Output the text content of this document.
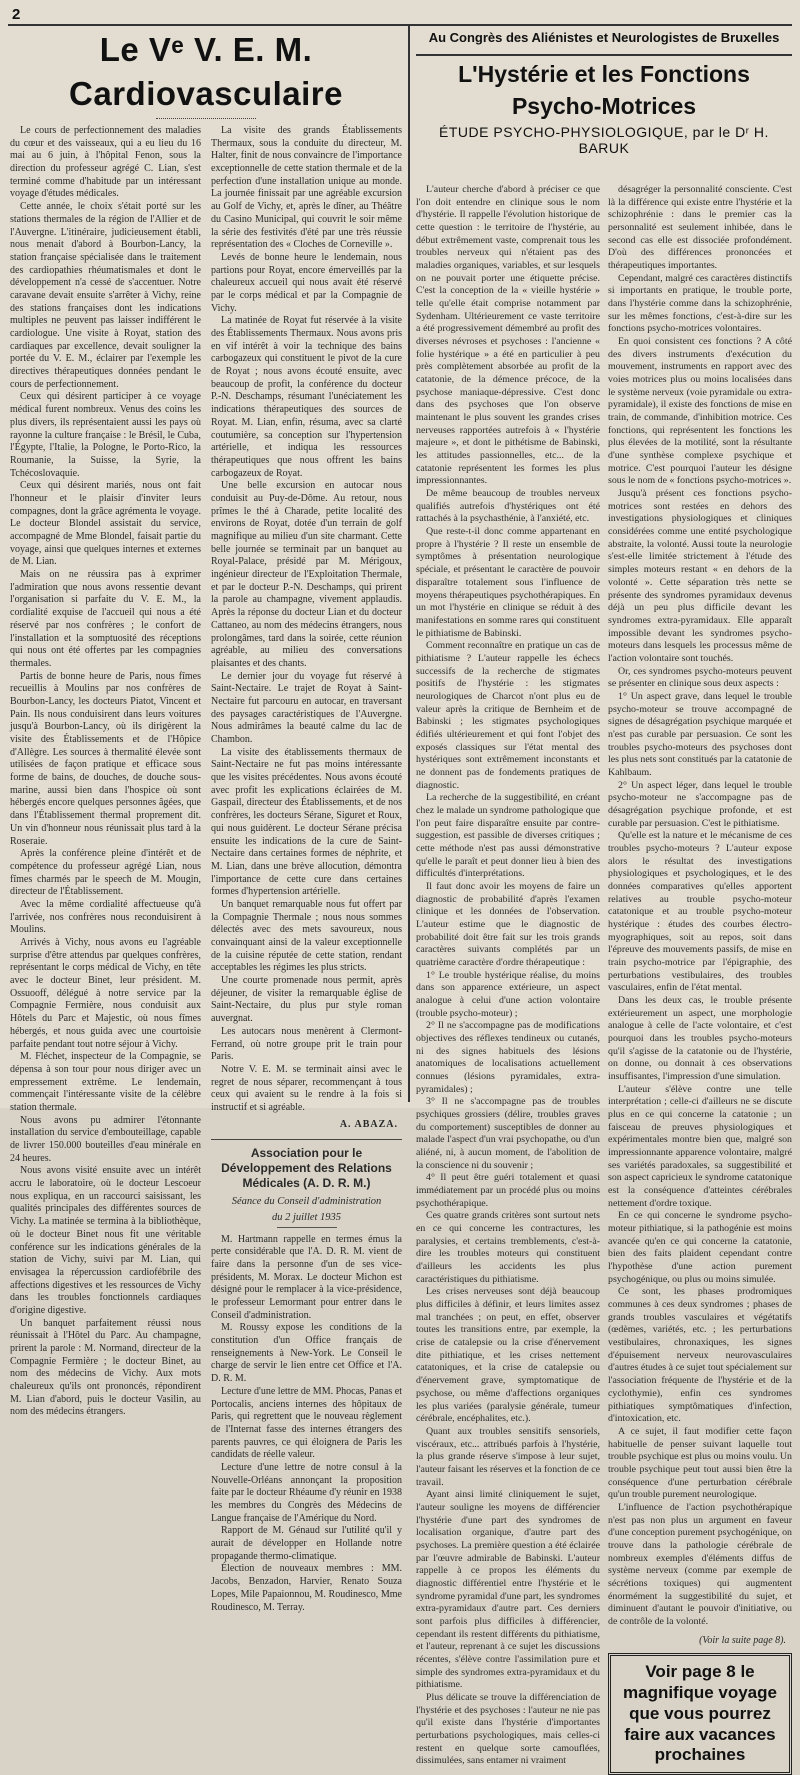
2
Le Vᵉ V. E. M. Cardiovasculaire

Le cours de perfectionnement des maladies du cœur et des vaisseaux, qui a eu lieu du 16 mai au 6 juin, à l'hôpital Fenon, sous la direction du professeur agrégé C. Lian, s'est terminé comme d'habitude par un intéressant voyage d'études médicales.

Cette année, le choix s'était porté sur les stations thermales de la région de l'Allier et de l'Auvergne. L'itinéraire, judicieusement établi, nous menait d'abord à Bourbon-Lancy, la station française spécialisée dans le traitement des cardiopathies rhéumatismales et dont le développement n'a cessé de s'accentuer. Notre caravane devait ensuite s'arrêter à Vichy, reine des stations françaises dont les indications multiples ne peuvent pas laisser indifférent le cardiologue. Une visite à Royat, station des cardiaques par excellence, devait souligner la portée du V. E. M., éclairer par l'exemple les directives thérapeutiques données pendant le cours de perfectionnement.

Ceux qui désirent participer à ce voyage médical furent nombreux. Venus des coins les plus divers, ils représentaient aussi les pays où rayonne la culture française : le Brésil, le Cuba, l'Égypte, l'Italie, la Pologne, le Porto-Rico, la Roumanie, la Suisse, la Syrie, la Tchécoslovaquie.

Ceux qui désirent mariés, nous ont fait l'honneur et le plaisir d'inviter leurs compagnes, dont la grâce agrémenta le voyage. Le docteur Blondel assistait du service, accompagné de Mme Blondel, faisait partie du voyage, ainsi que quelques internes et externes de M. Lian.

Mais on ne réussira pas à exprimer l'admiration que nous avons ressentie devant l'organisation si parfaite du V. E. M., la cordialité exquise de l'accueil qui nous a été réservé par nos confrères ; le confort de l'installation et la somptuosité des réceptions qui nous ont été offertes par les compagnies thermales.

Partis de bonne heure de Paris, nous fîmes recueillis à Moulins par nos confrères de Bourbon-Lancy, les docteurs Piatot, Vincent et Pain. Ils nous conduisirent dans leurs voitures jusqu'à Bourbon-Lancy, où ils dirigèrent la visite des Établissements et de l'Hôpice d'Allègre. Les sources à thermalité élevée sont utilisées de façon pratique et efficace sous forme de bains, de douches, de douche sous-marine, aussi bien dans l'hospice où sont hébergés encore quelques personnes âgées, que dans l'Établissement thermal proprement dit. Un vin d'honneur nous réunissait plus tard à la Roseraie.

Après la conférence pleine d'intérêt et de compétence du professeur agrégé Lian, nous fîmes charmés par le speech de M. Mougin, directeur de l'Établissement.

Avec la même cordialité affectueuse qu'à l'arrivée, nos confrères nous reconduisirent à Moulins.

Arrivés à Vichy, nous avons eu l'agréable surprise d'être attendus par quelques confrères, représentant le corps médical de Vichy, en tête avec le docteur Binet, leur président. M. Ossuooff, délégué à notre service par la Compagnie Fermière, nous conduisit aux Hôtels du Parc et Majestic, où nous fîmes hébergés, et nous guida avec une courtoisie parfaite pendant tout notre séjour à Vichy.

M. Fléchet, inspecteur de la Compagnie, se dépensa à son tour pour nous diriger avec un empressement extrême. Le lendemain, commençait l'intéressante visite de la célèbre station thermale.

Nous avons pu admirer l'étonnante installation du service d'embouteillage, capable de livrer 150.000 bouteilles d'eau minérale en 24 heures.

Nous avons visité ensuite avec un intérêt accru le laboratoire, où le docteur Lescoeur nous expliqua, en un raccourci saisissant, les qualités principales des différentes sources de Vichy. La matinée se termina à la bibliothèque, où le docteur Binet nous fit une véritable conférence sur les indications générales de la station de Vichy, suivi par M. Lian, qui envisagea la répercussion cardiofébrile des affections digestives et les ressources de Vichy dans les troubles fonctionnels cardiaques d'origine digestive.

Un banquet parfaitement réussi nous réunissait à l'Hôtel du Parc. Au champagne, prirent la parole : M. Normand, directeur de la Compagnie Fermière ; le docteur Binet, au nom des médecins de Vichy. Aux mots chaleureux qu'ils ont prononcés, répondirent M. Lian d'abord, puis le docteur Vasilin, au nom des médecins étrangers.

La visite des grands Établissements Thermaux, sous la conduite du directeur, M. Halter, finit de nous convaincre de l'importance exceptionnelle de cette station thermale et de la perfection d'une installation unique au monde. La journée finissait par une agréable excursion au Golf de Vichy, et, après le dîner, au Théâtre du Casino Municipal, qui couvrit le soir même la série des festivités d'été par une très réussie représentation des « Cloches de Corneville ».

Levés de bonne heure le lendemain, nous partions pour Royat, encore émerveillés par la chaleureux accueil qui nous avait été réservé par le corps médical et par la Compagnie de Vichy.

La matinée de Royat fut réservée à la visite des Établissements Thermaux. Nous avons pris en vif intérêt à voir la technique des bains carbogazeux qui constituent le pivot de la cure de Royat ; nous avons écouté ensuite, avec beaucoup de profit, la conférence du docteur P.-N. Deschamps, résumant l'unéciatement les indications thérapeutiques des sources de Royat. M. Lian, enfin, résuma, avec sa clarté coutumière, sa conception sur l'hypertension artérielle, et indiqua les ressources thérapeutiques que nous offrent les bains carbogazeux de Royat.

Une belle excursion en autocar nous conduisit au Puy-de-Dôme. Au retour, nous prîmes le thé à Charade, petite localité des environs de Royat, dotée d'un terrain de golf magnifique au milieu d'un site charmant. Cette belle journée se terminait par un banquet au Royal-Palace, présidé par M. Mérigoux, ingénieur directeur de l'Exploitation Thermale, et par le docteur P.-N. Deschamps, qui prirent la parole au champagne, vivement applaudis. Après la réponse du docteur Lian et du docteur Cattaneo, au nom des médecins étrangers, nous prolongâmes, tard dans la soirée, cette réunion agréable, au milieu des conversations plaisantes et des chants.

Le dernier jour du voyage fut réservé à Saint-Nectaire. Le trajet de Royat à Saint-Nectaire fut parcouru en autocar, en traversant des paysages caractéristiques de l'Auvergne. Nous admirâmes la beauté calme du lac de Chambon.

La visite des établissements thermaux de Saint-Nectaire ne fut pas moins intéressante que les visites précédentes. Nous avons écouté avec profit les explications éclairées de M. Gaspail, directeur des Établissements, et de nos confrères, les docteurs Sérane, Siguret et Roux, qui nous guidèrent. Le docteur Sérane précisa ensuite les indications de la cure de Saint-Nectaire dans certaines formes de néphrite, et M. Lian, dans une brève allocution, démontra l'importance de cette cure dans certaines formes d'hypertension artérielle.

Un banquet remarquable nous fut offert par la Compagnie Thermale ; nous nous sommes délectés avec des mets savoureux, nous convainquant ainsi de la valeur exceptionnelle de la cuisine réputée de cette station, rendant acceptables les régimes les plus stricts.

Une courte promenade nous permit, après déjeuner, de visiter la remarquable église de Saint-Nectaire, du plus pur style roman auvergnat.

Les autocars nous menèrent à Clermont-Ferrand, où notre groupe prit le train pour Paris.

Notre V. E. M. se terminait ainsi avec le regret de nous séparer, recommençant à tous ceux qui avaient su le rendre à la fois si instructif et si agréable.

A. ABAZA.
Association pour le Développement des Relations Médicales (A. D. R. M.)
Séance du Conseil d'administration
du 2 juillet 1935

M. Hartmann rappelle en termes émus la perte considérable que l'A. D. R. M. vient de faire dans la personne d'un de ses vice-présidents, M. Morax. Le docteur Michon est désigné pour le remplacer à la vice-présidence, le professeur Lemormant pour entrer dans le Conseil d'administration.

M. Roussy expose les conditions de la constitution d'un Office français de renseignements à New-York. Le Conseil le charge de servir le lien entre cet Office et l'A. D. R. M.

Lecture d'une lettre de MM. Phocas, Panas et Portocalis, anciens internes des hôpitaux de Paris, qui regrettent que le nouveau règlement de l'Internat fasse des internes étrangers des parents pauvres, ce qui éloignera de Paris les candidats de réelle valeur.

Lecture d'une lettre de notre consul à la Nouvelle-Orléans annonçant la proposition faite par le docteur Rhéaume d'y réunir en 1938 les membres du Congrès des Médecins de Langue française de l'Amérique du Nord.

Rapport de M. Génaud sur l'utilité qu'il y aurait de développer en Hollande notre propagande thermo-climatique.

Élection de nouveaux membres : MM. Jacobs, Benzadon, Harvier, Renato Souza Lopes, Mile Papaionnou, M. Roudinesco, Mme Roudinesco, M. Terray.

Au Congrès des Aliénistes et Neurologistes de Bruxelles
L'Hystérie et les Fonctions Psycho-Motrices
ÉTUDE PSYCHO-PHYSIOLOGIQUE, par le Dʳ H. BARUK

L'auteur cherche d'abord à préciser ce que l'on doit entendre en clinique sous le nom d'hystérie. Il rappelle l'évolution historique de cette question : le territoire de l'hystérie, au début extrêmement vaste, comprenait tous les troubles nerveux qui n'étaient pas des maladies organiques, variables, et sur lesquels on ne pouvait porter une étiquette précise. C'est la conception de la « vieille hystérie » telle qu'elle était comprise notamment par Sydenham. Ultérieurement ce vaste territoire a été progressivement démembré au profit des diverses névroses et psychoses : l'ancienne « folie hystérique » a été en particulier à peu près complètement absorbée au profit de la catatonie, de la démence précoce, de la psychose maniaque-dépressive. C'est donc dans des psychoses que l'on observe maintenant le plus souvent les grandes crises nerveuses rapportées autrefois à « l'hystérie majeure », et dont le pithétisme de Babinski, les attitudes passionnelles, etc... de la catatonie représentent les formes les plus impressionnantes.

De même beaucoup de troubles nerveux qualifiés autrefois d'hystériques ont été rattachés à la psychasthénie, à l'anxiété, etc.

Que reste-t-il donc comme appartenant en propre à l'hystérie ? Il reste un ensemble de symptômes à présentation neurologique spéciale, et présentant le caractère de pouvoir disparaître totalement sous l'influence de moyens thérapeutiques psychothérapiques. En un mot l'hystérie en clinique se réduit à des manifestations en somme rares qui constituent le pithiatisme de Babinski.

Comment reconnaître en pratique un cas de pithiatisme ? L'auteur rappelle les échecs successifs de la recherche de stigmates positifs de l'hystérie : les stigmates neurologiques de Charcot n'ont plus eu de valeur après la critique de Bernheim et de Babinski ; les stigmates psychologiques édifiés ultérieurement et qui font l'objet des exposés classiques sur l'état mental des hystériques sont extrêmement inconstants et ne donnent pas de fondements pratiques de diagnostic.

La recherche de la suggestibilité, en créant chez le malade un syndrome pathologique que l'on peut faire disparaître ensuite par contre-suggestion, est passible de diverses critiques ; cette méthode n'est pas aussi démonstrative qu'elle le paraît et peut donner lieu à bien des difficultés d'interprétations.

Il faut donc avoir les moyens de faire un diagnostic de probabilité d'après l'examen clinique et les données de l'observation. L'auteur estime que le diagnostic de probabilité doit être fait sur les trois grands caractères suivants complétés par un quatrième caractère d'ordre thérapeutique :

1° Le trouble hystérique réalise, du moins dans son apparence extérieure, un aspect analogue à celui d'une action volontaire (trouble psycho-moteur) ;

2° Il ne s'accompagne pas de modifications objectives des réflexes tendineux ou cutanés, ni des signes habituels des lésions anatomiques de localisations actuellement connues (lésions pyramidales, extra-pyramidales) ;

3° Il ne s'accompagne pas de troubles psychiques grossiers (délire, troubles graves du comportement) susceptibles de donner au malade l'aspect d'un vrai psychopathe, ou d'un aliéné, ni, à aucun moment, de l'abolition de la conscience ni du souvenir ;

4° Il peut être guéri totalement et quasi immédiatement par un procédé plus ou moins psychothérapique.

Ces quatre grands critères sont surtout nets en ce qui concerne les contractures, les paralysies, et certains tremblements, c'est-à-dire les troubles moteurs qui constituent d'ailleurs les accidents les plus caractéristiques du pithiatisme.

Les crises nerveuses sont déjà beaucoup plus difficiles à définir, et leurs limites assez mal tranchées ; on peut, en effet, observer toutes les transitions entre, par exemple, la crise de catalepsie ou la crise d'énervement dite pithiatique, et les crises nettement catatoniques, et la crise de catalepsie ou d'énervement grave, symptomatique de psychose, ou même d'affections organiques les plus variées (paralysie générale, tumeur cérébrale, encéphalites, etc.).

Quant aux troubles sensitifs sensoriels, viscéraux, etc... attribués parfois à l'hystérie, la plus grande réserve s'impose à leur sujet, l'auteur faisant les réserves et la fonction de ce travail.

Ayant ainsi limité cliniquement le sujet, l'auteur souligne les moyens de différencier l'hystérie d'une part des syndromes de localisation organique, d'autre part des psychoses. La première question a été éclairée par l'œuvre admirable de Babinski. L'auteur rappelle à ce propos les éléments du diagnostic différentiel entre l'hystérie et le syndrome pyramidal d'une part, les syndromes extra-pyramidaux d'autre part. Ces derniers sont parfois plus difficiles à différencier, cependant ils restent différents du pithiatisme, et l'auteur, reprenant à ce sujet les discussions récentes, s'élève contre l'assimilation pure et simple des syndromes extra-pyramidaux et du pithiatisme.

Plus délicate se trouve la différenciation de l'hystérie et des psychoses : l'auteur ne nie pas qu'il existe dans l'hystérie d'importantes perturbations psychologiques, mais celles-ci restent en quelque sorte camouflées, dissimulées, sans entamer ni vraiment

désagréger la personnalité consciente. C'est là la différence qui existe entre l'hystérie et la schizophrénie : dans le premier cas la personnalité est seulement inhibée, dans le second cas elle est dissociée profondément. D'où des différences prononcées et thérapeutiques importantes.

Cependant, malgré ces caractères distinctifs si importants en pratique, le trouble porte, dans l'hystérie comme dans la schizophrénie, sur les mêmes fonctions, c'est-à-dire sur les fonctions psycho-motrices volontaires.

En quoi consistent ces fonctions ? A côté des divers instruments d'exécution du mouvement, instruments en rapport avec des voies motrices plus ou moins localisées dans le système nerveux (voie pyramidale ou extra-pyramidale), il existe des fonctions de mise en train, de commande, d'inhibition motrice. Ces fonctions, qui représentent les fonctions les plus élevées de la motilité, sont la résultante d'une synthèse complexe psychique et motrice. C'est pourquoi l'auteur les désigne sous le nom de « fonctions psycho-motrices ».

Jusqu'à présent ces fonctions psycho-motrices sont restées en dehors des investigations physiologiques et cliniques considérées comme une entité psychologique abstraite, la volonté. Aussi toute la neurologie s'est-elle limitée strictement à l'étude des simples moteurs restant « en dehors de la volonté ». Cette séparation très nette se présente des syndromes pyramidaux devenus déjà un peu plus difficile devant les syndromes extra-pyramidaux. Elle apparaît impossible devant les syndromes psycho-moteurs dans lesquels les processus même de l'action volontaire sont touchés.

Or, ces syndromes psycho-moteurs peuvent se présenter en clinique sous deux aspects :

1° Un aspect grave, dans lequel le trouble psycho-moteur se trouve accompagné de signes de désagrégation psychique marquée et n'est pas curable par persuasion. Ce sont les troubles psycho-moteurs des psychoses dont les plus nets sont constitués par la catatonie de Kahlbaum.

2° Un aspect léger, dans lequel le trouble psycho-moteur ne s'accompagne pas de désagrégation psychique profonde, et est curable par persuasion. C'est le pithiatisme.

Qu'elle est la nature et le mécanisme de ces troubles psycho-moteurs ? L'auteur expose alors le résultat des investigations physiologiques et psychologiques, et le des données comparatives qu'elles apportent relatives au trouble psycho-moteur catatonique et au trouble psycho-moteur hystérique : études des courbes électro-myographiques, soit au repos, soit dans l'épreuve des mouvements passifs, de mise en train psycho-motrice par l'épigraphie, des perturbations vestibulaires, des troubles vasculaires, enfin de l'état mental.

Dans les deux cas, le trouble présente extérieurement un aspect, une morphologie analogue à celle de l'acte volontaire, et c'est pourquoi dans les troubles psycho-moteurs qu'il s'agisse de la catatonie ou de l'hystérie, on donne, ou donnait à ces observations insuffisantes, l'impression d'une simulation.

L'auteur s'élève contre une telle interprétation ; celle-ci d'ailleurs ne se discute plus en ce qui concerne la catatonie ; un faisceau de preuves physiologiques et expérimentales montre bien que, malgré son impressionnante apparence volontaire, malgré ses variétés paradoxales, sa suggestibilité et son aspect capricieux le syndrome catatonique est la conséquence d'atteintes cérébrales nettement d'ordre toxique.

En ce qui concerne le syndrome psycho-moteur pithiatique, si la pathogénie est moins avancée qu'en ce qui concerne la catatonie, bien des faits plaident cependant contre l'hypothèse d'une action purement psychogénique, ou plus ou moins simulée.

Ce sont, les phases prodromiques communes à ces deux syndromes ; phases de grands troubles vasculaires et végétatifs (œdèmes, variétés, etc. ; les perturbations vestibulaires, chronaxiques, les signes d'épuisement nerveux neurovasculaires d'autres études à ce sujet tout spécialement sur l'association fréquente de l'hystérie et de la cyclothymie), enfin ces syndromes pithiatiques symptômatiques d'infection, d'intoxication, etc.

A ce sujet, il faut modifier cette façon habituelle de penser suivant laquelle tout trouble psychique est plus ou moins voulu. Un trouble psychique peut tout aussi bien être la conséquence d'une perturbation cérébrale qu'un trouble purement neurologique.

L'influence de l'action psychothérapique n'est pas non plus un argument en faveur d'une conception purement psychogénique, on trouve dans la pathologie cérébrale de nombreux exemples d'éléments diffus de système nerveux (comme par exemple de sécrétions toxiques) qui augmentent énormément la suggestibilité du sujet, et diminuent d'autant le pouvoir d'initiative, ou de contrôle de la volonté.

(Voir la suite page 8).
Voir page 8 le magnifique voyage que vous pourrez faire aux vacances prochaines
